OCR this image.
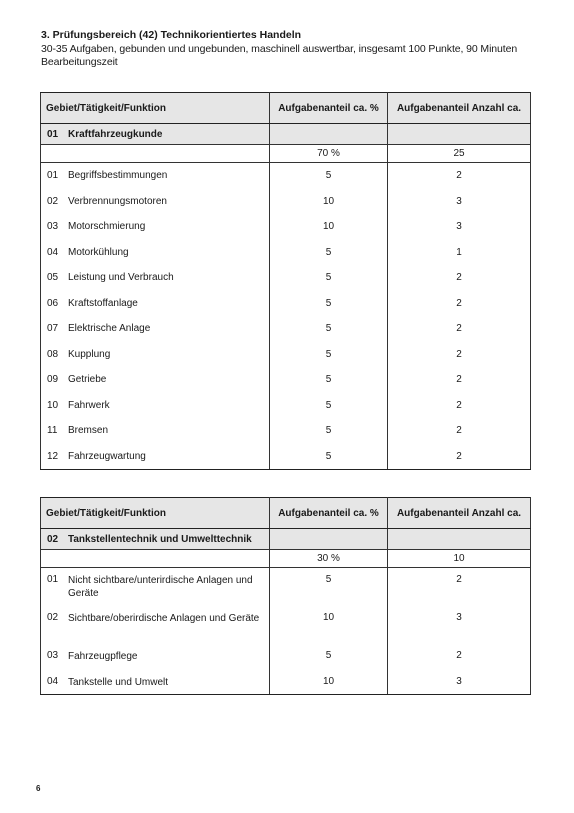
3. Prüfungsbereich (42) Technikorientiertes Handeln

30-35 Aufgaben, gebunden und ungebunden, maschinell auswertbar, insgesamt 100 Punkte, 90 Minuten Bearbeitungszeit

Gebiet/Tätigkeit/Funktion	Aufgabenanteil ca. %	Aufgabenanteil Anzahl ca.
01 Kraftfahrzeugkunde		
	70 %	25
01 Begriffsbestimmungen	5	2
02 Verbrennungsmotoren	10	3
03 Motorschmierung	10	3
04 Motorkühlung	5	1
05 Leistung und Verbrauch	5	2
06 Kraftstoffanlage	5	2
07 Elektrische Anlage	5	2
08 Kupplung	5	2
09 Getriebe	5	2
10 Fahrwerk	5	2
11 Bremsen	5	2
12 Fahrzeugwartung	5	2
Gebiet/Tätigkeit/Funktion	Aufgabenanteil ca. %	Aufgabenanteil Anzahl ca.
02 Tankstellentechnik und Umwelttechnik		
	30 %	10

01 Nicht sichtbare/unterirdische Anlagen und Geräte	5	2

02 Sichtbare/oberirdische Anlagen und Geräte	10	3

03 Fahrzeugpflege	5	2

04 Tankstelle und Umwelt	10	3
6
